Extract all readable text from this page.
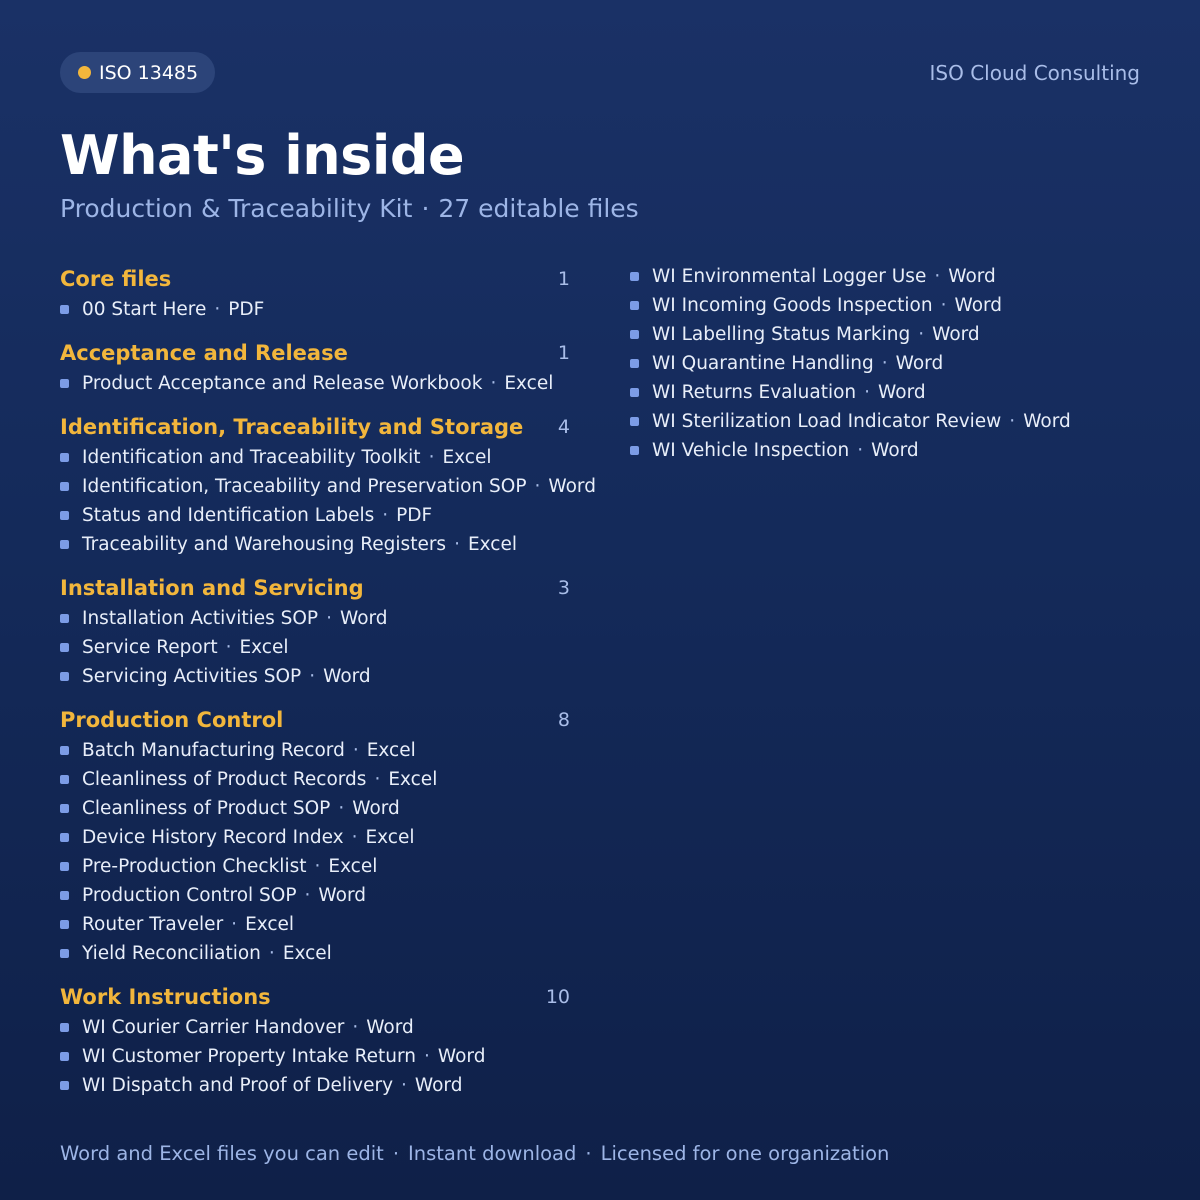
ISO 13485	ISO Cloud Consulting
What's inside
Production & Traceability Kit · 27 editable files
Core files	1
00 Start Here · PDF
Acceptance and Release	1
Product Acceptance and Release Workbook · Excel
Identification, Traceability and Storage 4
Identification and Traceability Toolkit · Excel
Identification, Traceability and Preservation SOP · Word
Status and Identification Labels · PDF
Traceability and Warehousing Registers · Excel
Installation and Servicing	3
Installation Activities SOP · Word
Service Report · Excel
Servicing Activities SOP · Word
Production Control	8
Batch Manufacturing Record · Excel
Cleanliness of Product Records · Excel
Cleanliness of Product SOP · Word
Device History Record Index · Excel
Pre-Production Checklist · Excel
Production Control SOP · Word
Router Traveler · Excel
Yield Reconciliation · Excel
Work Instructions	10
WI Courier Carrier Handover · Word
WI Customer Property Intake Return · Word
WI Dispatch and Proof of Delivery · Word
WI Environmental Logger Use · Word
WI Incoming Goods Inspection · Word
WI Labelling Status Marking · Word
WI Quarantine Handling · Word
WI Returns Evaluation · Word
WI Sterilization Load Indicator Review · Word
WI Vehicle Inspection · Word
Word and Excel files you can edit · Instant download · Licensed for one organization
